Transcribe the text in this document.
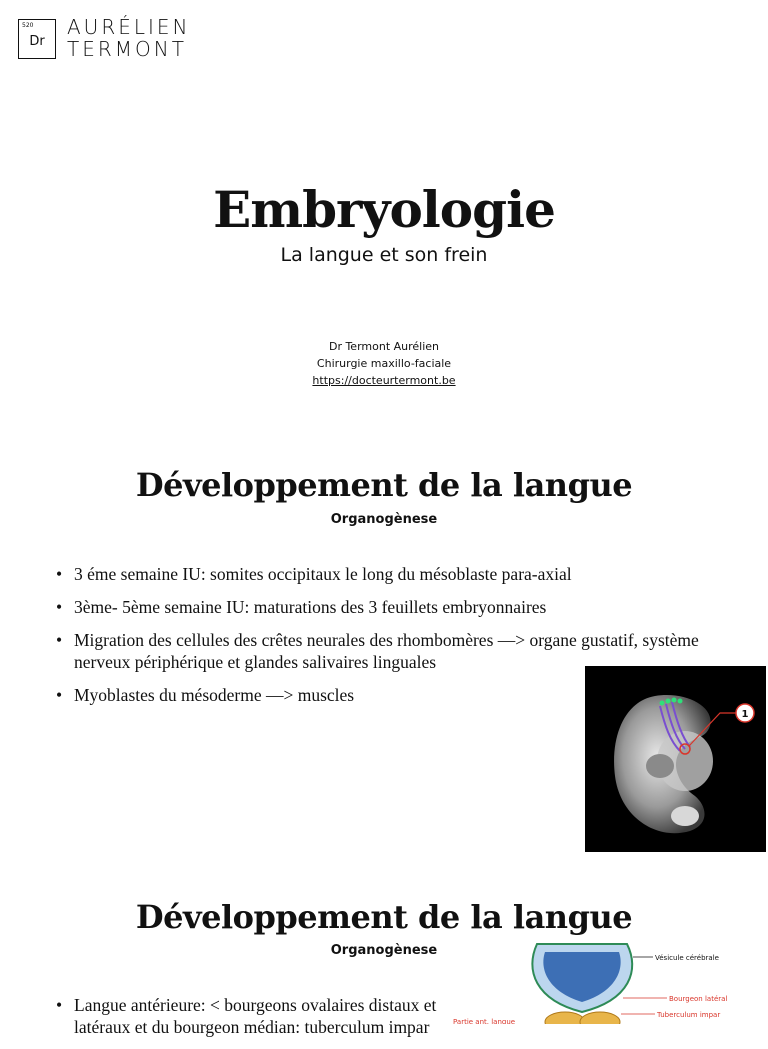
520
Dr
AURÉLIEN
TERMONT
Embryologie
La langue et son frein
Dr Termont Aurélien
Chirurgie maxillo-faciale
https://docteurtermont.be
Développement de la langue
Organogènese
• 3 éme semaine IU: somites occipitaux le long du mésoblaste para-axial
• 3ème- 5ème semaine IU: maturations des 3 feuillets embryonnaires
• Migration des cellules des crêtes neurales des rhombomères —> organe gustatif, système nerveux périphérique et glandes salivaires linguales
• Myoblastes du mésoderme —> muscles
1
Développement de la langue
Organogènese
• Langue antérieure: < bourgeons ovalaires distaux et latéraux et du bourgeon médian: tuberculum impar
Vésicule cérébrale
Bourgeon latéral
Tuberculum impar
Partie ant. langue
